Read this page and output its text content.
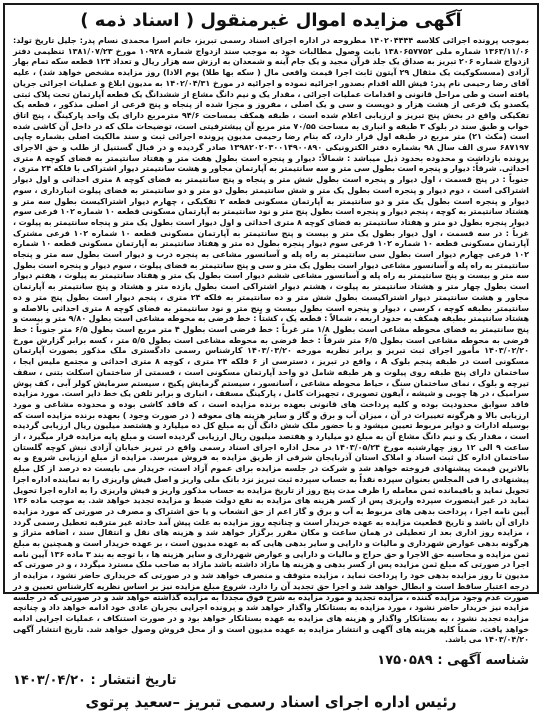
آگهی مزایده اموال غیرمنقول ( اسناد ذمه )

بموجب پرونده اجرائی کلاسه ۱۴۰۲۰۴۴۴۴ مطروحه در اداره اجرای اسناد رسمی تبریز، خانم اسرا محمدی نسام پدر: جلیل تاریخ تولد: ۱۳۶۳/۱۱/۰۶ شماره ملی ۱۳۸۰۶۵۷۷۵۲ بابت وصول مطالبات خود به موجب سند ازدواج شماره ۱۰۹۲۸ مورخ ۱۳۸۱/۰۷/۲۳ تنظیمی دفتر ازدواج شماره ۲۰۶ تبریز به صداق یک جلد قرآن مجید و یک جام آینه و شمعدان به ارزش سه هزار ریال و تعداد ۱۲۴ قطعه سکه تمام بهار آزادی (مسسکوکیت یک مثقال ۲۹ آیتون ثابت اجرا قیمت واقعی مال ( سکه بها طلا) یوم الادا) روز مزایده مشخص خواهد شد) ، علیه آقای رضا رحیمی نام پدر: قیش الله اقدام بصدور اجرائیه نموده و اجرائیه در مورخ ۱۴۰۲/۰۴/۳۱ به مدیون ابلاغ و عملیات اجرائی جریان یافته است و طی مراحل قانونی و اقدامات عملیات اجرائی ، مقدار یک و نیم دانگ مشاع از ششدانگ یک قطعه آپارتمان تحت پلاک ثبتی یکصدو یک فرعی از هشت هزار و دویست و سی و یک اصلی ، مفروز و مجزا شده از پنجاه و پنج فرعی از اصلی مذکور ، قطعه یک تفکیکی واقع در بخش پنج تبریز و ارزیابی اعلام شده است ، طبقه همکف بمساحت ۹۴/۶ مترمربع دارای یک واحد پارکینگ ، پنج اتاق خواب و طبق سند در بلوک ۳ طبقه و انباری به مساحت ۷۰/۵۵ متر مربع آن پیشترفیتی است، توضیحات ملک که در داخل آن کاشی شده است (مکث ۲۱) متر مربع در طبقه اول قرار دارد، که بنام رضا رحیمی مدیون پرونده اجرائی ثبت و سند مالکیت اصلی بشماره چاپی ۶۸۷۱۹۷ سری الف سال ۹۸ بشماره دفتر الکترونیکی ۱۳۹۸۲۰۲۰۳۰۰۱۴۹۰۰۸۹۰ صادر گردیده و در قبال گستنیل از طلب و حق الاجرای پرونده بازداشت و محدوده بحدود ذیل میباشد : شمالاً: دیوار و پنجره است بطول هفت متر و هفتاد سانتیمتر به فضای کوچه ۸ متری احداثی. شرقاً: دیوار و پنجره است بطول سی متر و سه سانتیمتر به آپارتمان مجاور و هشت سانتیمتر دیوار اشتراکی با فلکه ۲۴ متری ، جنوباً : در پنج قسمت ، اول دیوار و پنجره است بطول شش متر و پنجاه و پنج سانتیمتر به فضای کوچه ۸ متری احداثی و اول دیوار اشتراکی است ، دوم دیوار و پنجره است بطول یک متر و شش سانتیمتر بطول دو متر و دو سانتیمتر به فضای پیلوت انبارداری ، سوم دیوار و پنجره است بطول یک متر و دو سانتیمتر به آپارتمان مسکونی قطعه ۲ تفکیکی ، چهارم دیوار اشتراکیست بطول سه متر و هشتاد سانتیمتر به کوچه ، پنجم دیوار و پنجره است بطول پنج متر و نود سانتیمتر به آپارتمان مسکونی قطعه ۱۰ شماره ۱۰۲ فرعی سوم دیوار پنجره بطول دو متر و هفتاد سانتیمتر به فضای کوچه ۸ متری احداثی و اول دیوار است بطول یک متر و پنجاه سانتیمتر به پیلوت ، غرباً : در سه قسمت ، اول دیوار بطول یک متر و بیست و پنج سانتیمتر به آپارتمان مسکونی قطعه ۱۰ شماره ۱۰۲ فرعی مشترک آپارتمان مسکونی قطعه ۱۰ شماره ۱۰۲ فرعی سوم دیوار پنجره بطول ده متر و هفتاد سانتیمتر به آپارتمان مسکونی قطعه ۱۰ شماره ۱۰۲ فرعی چهارم دیوار است بطول سی سانتیمتر به راه پله و آسانسور مشاعی به پنجره درب و دیوار است بطول سه متر و پنجاه سانتیمتر به راه پله و آسانسور مشاعی دیوار است بطول یک متر و سی و پنج سانتیمتر به فضای پیلوت ، سوم دیوار و پنجره است بطول سه متر و بیست و پنج سانتیمتر به راه پله و آسانسور مشاعی ششم دیوار است بطول یک متر و هفتاد سانتیمتر به پیلوت ، هفتم دیوار است بطول چهار متر و هشتاد سانتیمتر به پیلوت ، هشتم دیوار اشتراکی است بطول یازده متر و هشتاد و پنج سانتیمتر به آپارتمان مجاور و هشت سانتیمتر دیوار اشتراکیست بطول شش متر و ده سانتیمتر به فلکه ۲۴ متری ، پنجم دیوار است بطول پنج متر و ده سانتیمتر بطبقه کوچه ، کرسی ، دیوار و پنجره است بطول بیست و پنج متر و نود سانتیمتر به فضای کوچه ۸ متری احداثی بالاصله و هشتاد سانتیمتر بطبقه همکف به حدود اربعه ، شمالاً : قطعه یک ، کشتاً : خط فرضی به محوطه مشاعی است بطول ۹/۸۰ متر و بیست و پنج سانتیمتر به فضای محوطه مشاعی است بطول ۱/۸ متر غرباً : خط فرضی است بطول ۴ متر مربع است بطول ۶/۵ متر جنوباً : خط فرضی به محوطه مشاعی است بطول ۶/۵ متر شرقاً : خط فرضی به محوطه مشاعی است بطول ۵/۵ متر ، کسه برابر گزارش مورخ ۱۴۰۳/۰۲/۲۰ مأمور اجرای ثبت تبریز و برابر نظریه مورخه ۱۴۰۳/۰۳/۲۰ کارشناس رسمی دادگستری ملک مذکور بصورت آپارتمان مسکونی است در طبقه پنجم بلوک A ، واقع در تبریز ، دسترسی از ۶ فلکه ۲۴ متری ، کوچه ۸ متری احداثی و مجتمع ملیس ایجا ، ساختمان دارای پنج طبقه روی پیلوت و هر طبقه شامل دو واحد آپارتمان مسکونی است ، قسمتی از ساختمان اسکلت بتنی ، سقف تیرچه و بلوک ، نمای ساختمان سنگ ، حیاط محوطه مشاعی ، آسانسور ، سیستم گرمایش پکیج ، سیستم سرمایش کولر آبی ، کف پوش سرامیک ، در ها چوبی و شیشه ، آیفون تصویری ، تجهیزات کامل ، پارکینگ مسقف ، انباری و برابر تلفن یک خط دایر است. مورد مزایده فاقد سوابق محدودیت بوده و کلیه پرداخت های قانونی بعهده برنده مزایده است ، که فاقد کاشی بوده و محدوده مشاعی و مورد ارزیابی بالا و هرگونه تغییرات در آن ، میزان آب و برق و گاز و سایر هزینه های معوقه ( در صورت وجود ) بعهده برنده مزایده است که بوسیله ادارات و دوایر مربوط تعیین میشود و با حضور ملک شش دانگ آن به مبلغ کل ده میلیارد و هشتصد میلیون ریال ارزیابی گردیده است ، مقدار یک و نیم دانگ مشاع آن به مبلغ دو میلیارد و هفتصد میلیون ریال ارزیابی گردیده است و مبلغ پایه مزایده قرار میگیرد ، از ساعت ۹ الی ۱۲ روز چهارشنبه مورخ ۱۴۰۳/۰۵/۲۴ در محل اداره اجرای اسناد رسمی واقع در تبریز خیابان آزادی نبش کوچه گلستان ساختمان اداره کل ثبت اسناد و املاک استان آذربایجان شرقی از طریق مزایده به فروش میرسد. مزایده از مبلغ ارزیابی شروع و به بالاترین قیمت پیشنهادی فروخته خواهد شد و شرکت در جلسه مزایده برای عموم آزاد است، خریدار می بایست ده درصد از کل مبلغ پیشنهادی را فی المجلس بعنوان سپرده نقداً به حساب سپرده ثبت تبریز نزد بانک ملی واریز و اصل فیش واریزی را به نماینده اداره اجرا تحویل نماید و باقیمانده ثمن معامله را ظرف مدت پنج روز از تاریخ مزایده به حساب مذکور واریز و فیش واریزی را به اداره اجرا تحویل نماید در غیر اینصورت سپرده واریزی پس از کسر هزینه های مزایده به نفع دولت ضبط و مزایده تجدید خواهد شد. به موجب ماده ۱۳۶ آیین نامه اجرا ، پرداخت بدهی های مربوط به آب و برق و گاز اعم از حق انشعاب و یا حق اشتراک و مصرف در صورتی که مورد مزایده دارای آن باشد و تاریخ قطعیت مزایده به عهده خریدار است و چنانچه روز مزایده به علت پیش آمد حادثه غیر مترقبه تعطیل رسمی گردد ، مزایده روز اداری بعد از تعطیلی در همان ساعت و مکان مقرر برگزار خواهد شد و هزینه های نقل و انتقال سند ، اضافه متراژ و هرگونه بدهی عوارض شهرداری و مالیات و دارایی و سایر بدهی هایی که به عهده مدیون است ، بر عهده خریدار است و همچنین به مبلغ ثمن مزایده و محاسبه حق الاجرا و حق حراج و مالیات و دارایی و عوارض شهرداری و سایر هزینه ها ، با توجه به بند ۳ ماده ۱۳۶ آیین نامه اجرا در صورتی که مبلغ ثمن مزایده پس از کسر بدهی و هزینه ها مازاد داشته باشد مازاد به صاحب ملک مسترد میگردد ، و در صورتی که مدیون تا روز مزایده بدهی خود را پرداخت نماید ، مزایده متوقف و منصرف خواهد شد و در صورتی که خریداری حاضر نشود ، مزایده از درجه اعتبار ساقط است و ابطال خواهد شد و اجرا حق تجدید آن را دارد. شروع مبلغ مزایده نیز بر اساس نظریه کارشناس تعیین و در صورت عدم وجود مزایده کننده ، مزایده تجدید و مورد مزایده به شرح فوق مجدداً به مزایده گذاشته خواهد شد و در صورتی که در جلسه مزایده نیز خریدار حاضر نشود ، مورد مزایده به بستانکار واگذار خواهد شد و پرونده اجرایی بجریان عادی خود ادامه خواهد داد و چنانچه مزایده تجدید نشود ، به بستانکار واگذار و هزینه های مزایده به عهده بستانکار خواهد بود و در صورت استنکاف ، عملیات اجرایی ادامه خواهد یافت. ضمناً کلیه هزینه های آگهی و انتشار مزایده به عهده مدیون است و از محل فروش وصول خواهد شد. تاریخ انتشار آگهی ۱۴۰۳/۰۴/۲۰ می باشد.

شناسه آگهی : ۱۷۵۰۵۸۹
تاریخ انتشار : ۱۴۰۳/۰۴/۲۰
رئیس اداره اجرای اسناد رسمی تبریز –سعید پرتوی
